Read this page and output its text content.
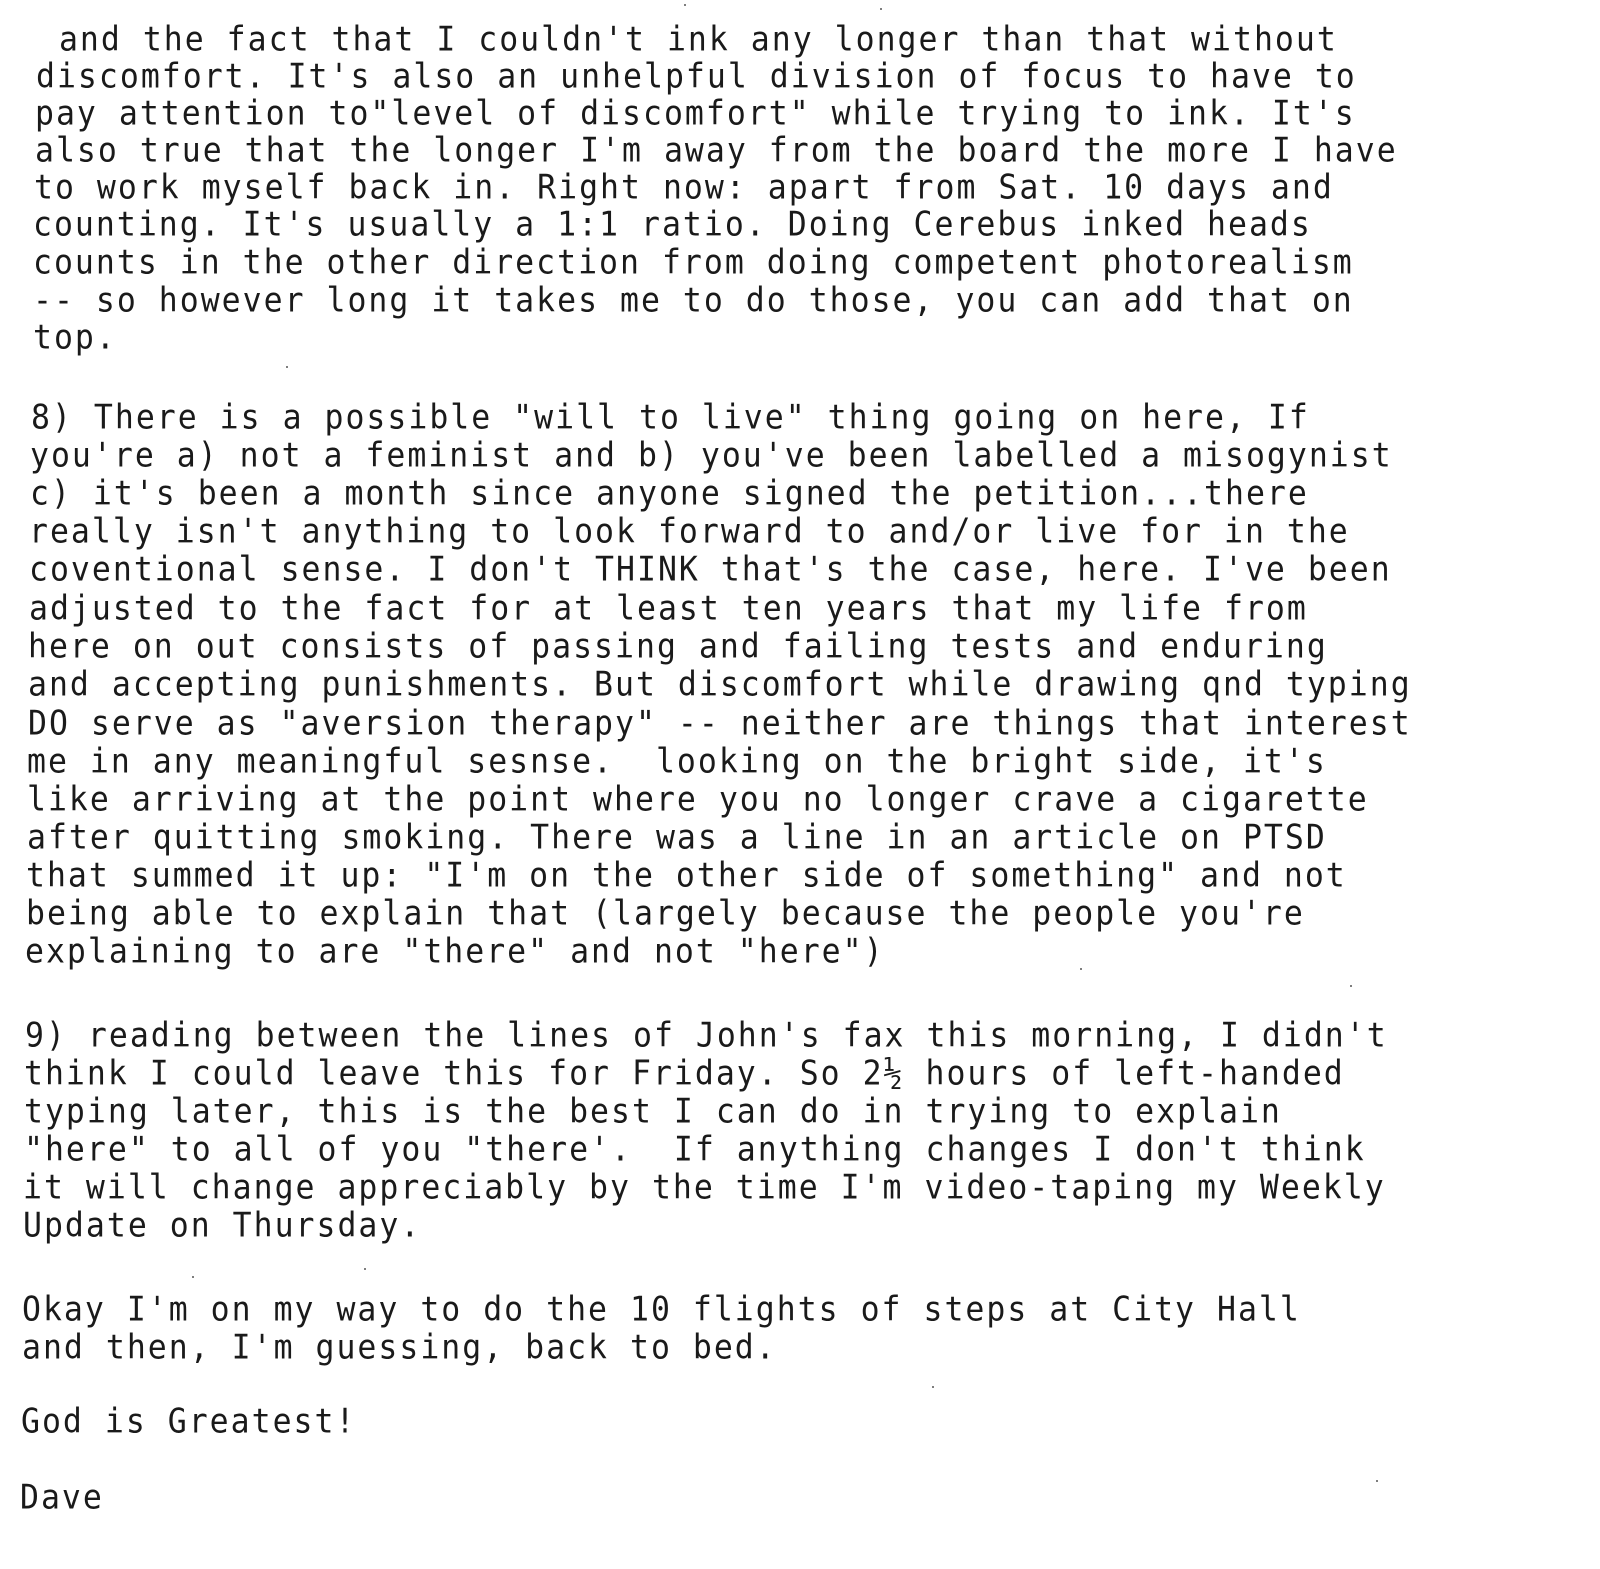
and the fact that I couldn't ink any longer than that without
discomfort. It's also an unhelpful division of focus to have to
pay attention to"level of discomfort" while trying to ink. It's
also true that the longer I'm away from the board the more I have
to work myself back in. Right now: apart from Sat. 10 days and
counting. It's usually a 1:1 ratio. Doing Cerebus inked heads
counts in the other direction from doing competent photorealism
-- so however long it takes me to do those, you can add that on
top.
8) There is a possible "will to live" thing going on here, If
you're a) not a feminist and b) you've been labelled a misogynist
c) it's been a month since anyone signed the petition...there
really isn't anything to look forward to and/or live for in the
coventional sense. I don't THINK that's the case, here. I've been
adjusted to the fact for at least ten years that my life from
here on out consists of passing and failing tests and enduring
and accepting punishments. But discomfort while drawing qnd typing
DO serve as "aversion therapy" -- neither are things that interest
me in any meaningful sesnse.  looking on the bright side, it's
like arriving at the point where you no longer crave a cigarette
after quitting smoking. There was a line in an article on PTSD
that summed it up: "I'm on the other side of something" and not
being able to explain that (largely because the people you're
explaining to are "there" and not "here")
9) reading between the lines of John's fax this morning, I didn't
think I could leave this for Friday. So 2½ hours of left-handed
typing later, this is the best I can do in trying to explain
"here" to all of you "there'.  If anything changes I don't think
it will change appreciably by the time I'm video-taping my Weekly
Update on Thursday.
Okay I'm on my way to do the 10 flights of steps at City Hall
and then, I'm guessing, back to bed.
God is Greatest!
Dave
